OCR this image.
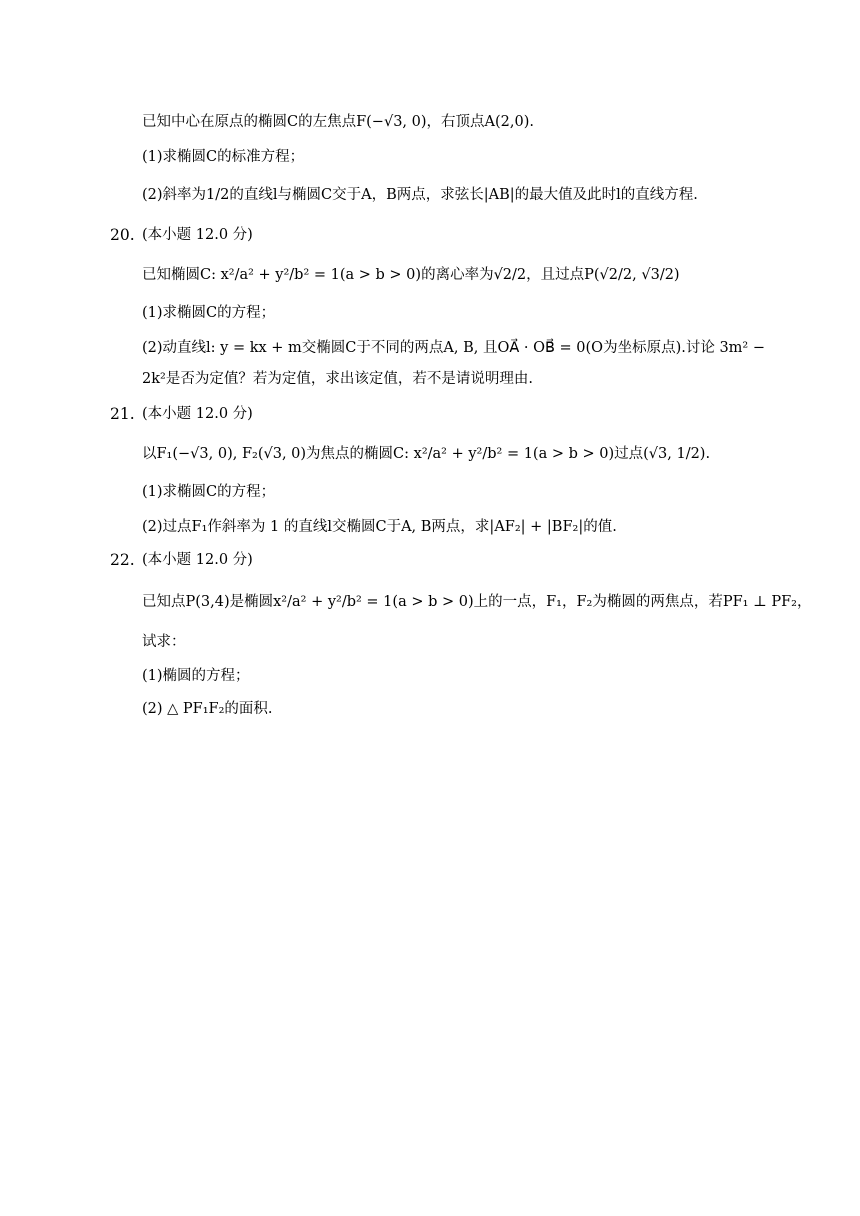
已知中心在原点的椭圆C的左焦点F(−√3, 0)，右顶点A(2,0).
(1)求椭圆C的标准方程；
(2)斜率为1/2的直线l与椭圆C交于A，B两点，求弦长|AB|的最大值及此时l的直线方程.
20. (本小题 12.0 分)
已知椭圆C: x²/a² + y²/b² = 1(a > b > 0)的离心率为√2/2，且过点P(√2/2, √3/2)
(1)求椭圆C的方程；
(2)动直线l: y = kx + m交椭圆C于不同的两点A, B, 且OA⃗ · OB⃗ = 0(O为坐标原点).讨论 3m² −
2k²是否为定值？若为定值，求出该定值，若不是请说明理由.
21. (本小题 12.0 分)
以F₁(−√3, 0), F₂(√3, 0)为焦点的椭圆C: x²/a² + y²/b² = 1(a > b > 0)过点(√3, 1/2).
(1)求椭圆C的方程；
(2)过点F₁作斜率为 1 的直线l交椭圆C于A, B两点，求|AF₂| + |BF₂|的值.
22. (本小题 12.0 分)
已知点P(3,4)是椭圆x²/a² + y²/b² = 1(a > b > 0)上的一点，F₁，F₂为椭圆的两焦点，若PF₁ ⊥ PF₂，
试求：
(1)椭圆的方程；
(2) △ PF₁F₂的面积.
